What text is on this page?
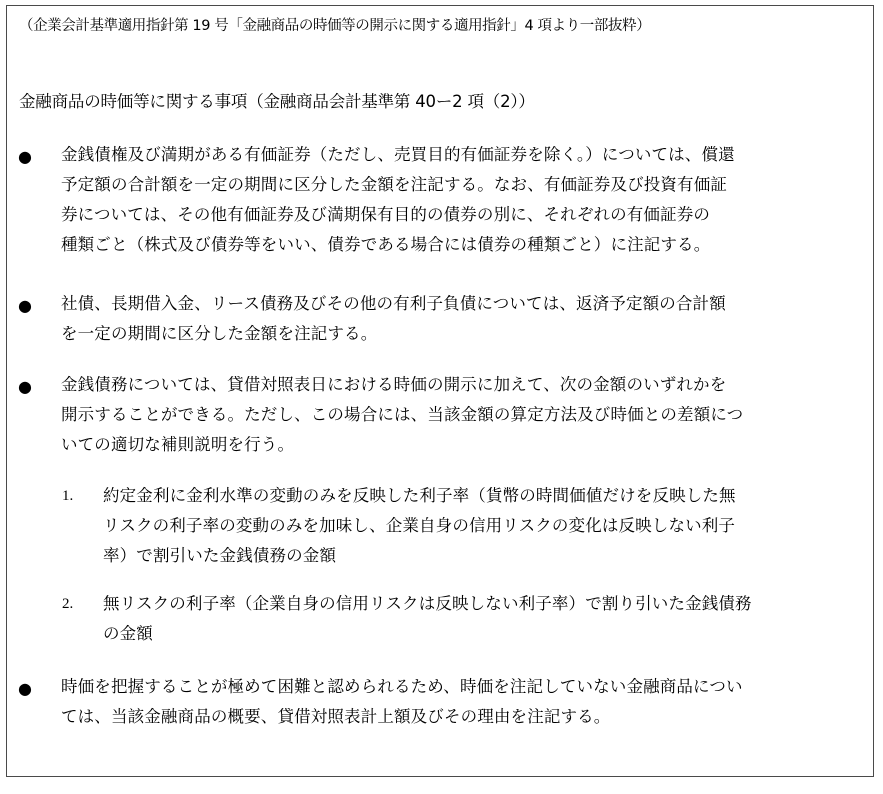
（企業会計基準適用指針第 19 号「金融商品の時価等の開示に関する適用指針」4 項より一部抜粋）
金融商品の時価等に関する事項（金融商品会計基準第 40ー2 項（2））
● 金銭債権及び満期がある有価証券（ただし、売買目的有価証券を除く。）については、償還
予定額の合計額を一定の期間に区分した金額を注記する。なお、有価証券及び投資有価証
券については、その他有価証券及び満期保有目的の債券の別に、それぞれの有価証券の
種類ごと（株式及び債券等をいい、債券である場合には債券の種類ごと）に注記する。
● 社債、長期借入金、リース債務及びその他の有利子負債については、返済予定額の合計額
を一定の期間に区分した金額を注記する。
● 金銭債務については、貸借対照表日における時価の開示に加えて、次の金額のいずれかを
開示することができる。ただし、この場合には、当該金額の算定方法及び時価との差額につ
いての適切な補則説明を行う。
1. 約定金利に金利水準の変動のみを反映した利子率（貨幣の時間価値だけを反映した無
リスクの利子率の変動のみを加味し、企業自身の信用リスクの変化は反映しない利子
率）で割引いた金銭債務の金額
2. 無リスクの利子率（企業自身の信用リスクは反映しない利子率）で割り引いた金銭債務
の金額
● 時価を把握することが極めて困難と認められるため、時価を注記していない金融商品につい
ては、当該金融商品の概要、貸借対照表計上額及びその理由を注記する。
